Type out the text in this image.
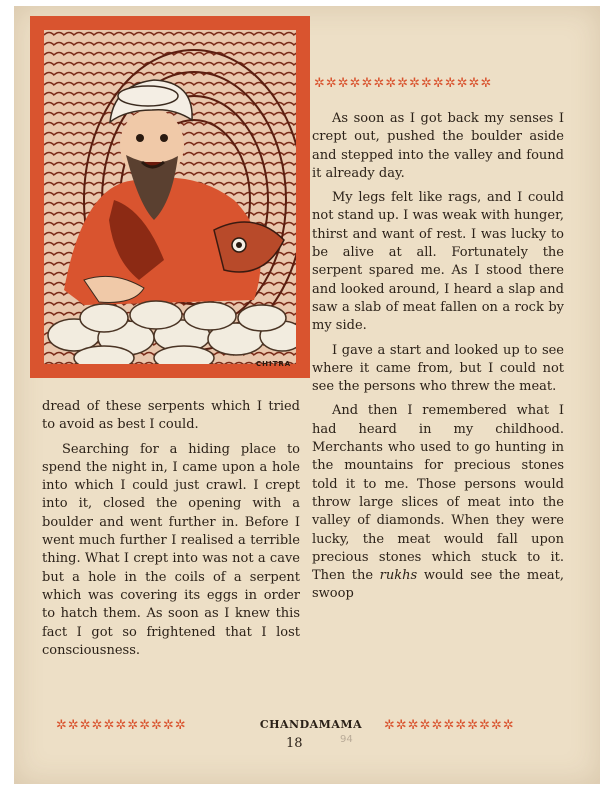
CHITRA
✲✲✲✲✲✲✲✲✲✲✲✲✲✲✲

dread of these serpents which I tried to avoid as best I could.

Searching for a hiding place to spend the night in, I came upon a hole into which I could just crawl. I crept into it, closed the opening with a boulder and went further in. Before I went much further I realised a terrible thing. What I crept into was not a cave but a hole in the coils of a serpent which was covering its eggs in order to hatch them. As soon as I knew this fact I got so frightened that I lost consciousness.

As soon as I got back my senses I crept out, pushed the boulder aside and stepped into the valley and found it already day.

My legs felt like rags, and I could not stand up. I was weak with hunger, thirst and want of rest. I was lucky to be alive at all. Fortunately the serpent spared me. As I stood there and looked around, I heard a slap and saw a slab of meat fallen on a rock by my side.

I gave a start and looked up to see where it came from, but I could not see the persons who threw the meat.

And then I remembered what I had heard in my childhood. Merchants who used to go hunting in the mountains for precious stones told it to me. Those persons would throw large slices of meat into the valley of diamonds. When they were lucky, the meat would fall upon precious stones which stuck to it. Then the rukhs would see the meat, swoop

✲✲✲✲✲✲✲✲✲✲✲	CHANDAMAMA	✲✲✲✲✲✲✲✲✲✲✲
18	94
